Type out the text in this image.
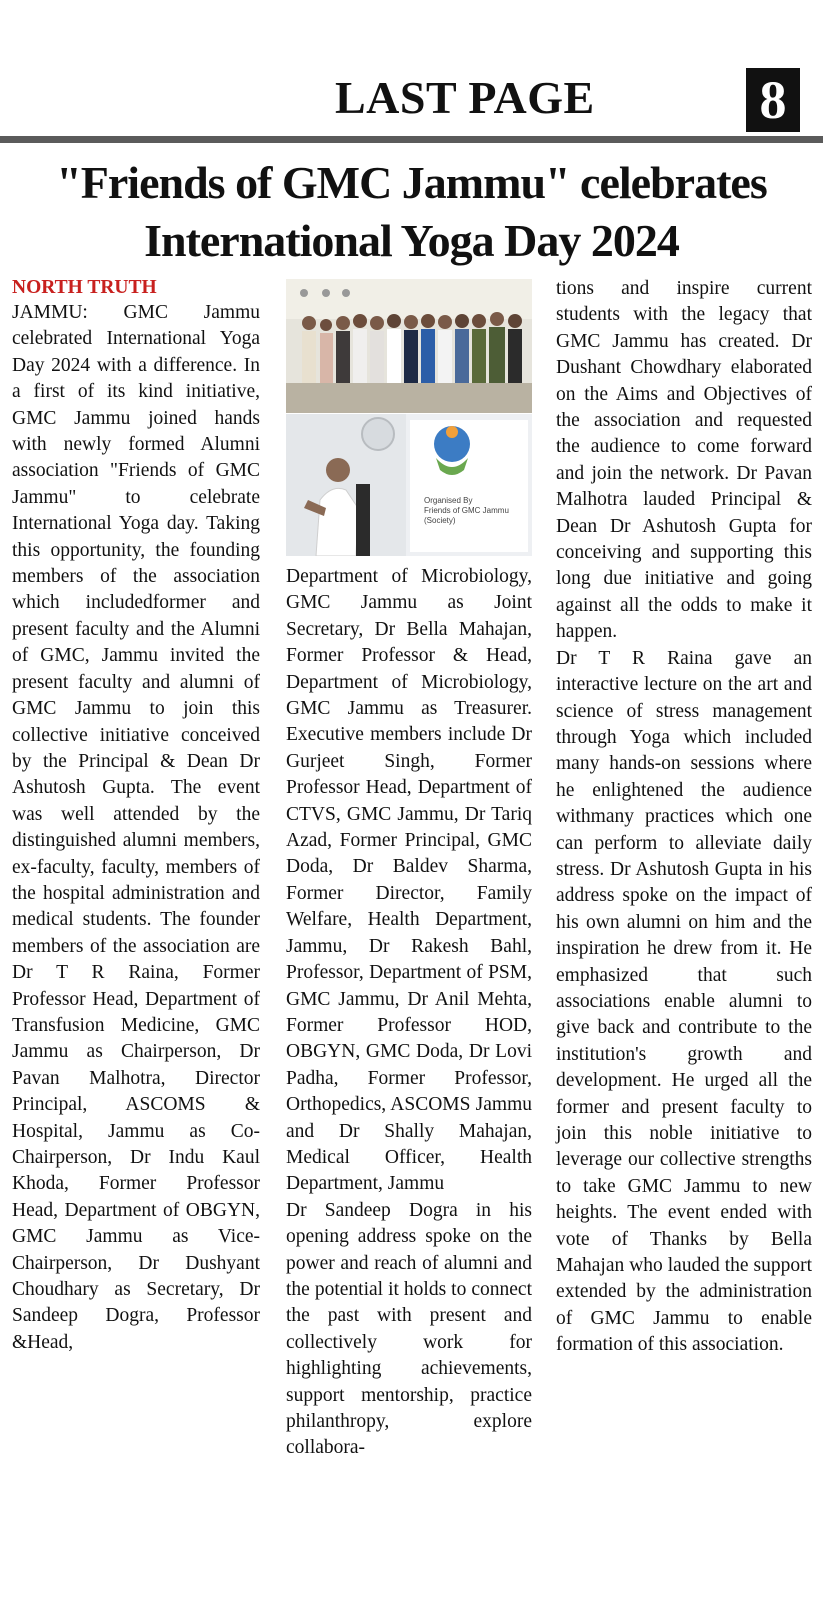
LAST PAGE	8
"Friends of GMC Jammu" celebrates
International Yoga Day 2024
NORTH TRUTH
JAMMU: GMC Jammu celebrated International Yoga Day 2024 with a difference. In a first of its kind initiative, GMC Jammu joined hands with newly formed Alumni association "Friends of GMC Jammu" to celebrate International Yoga day. Taking this opportunity, the founding members of the association which includedformer and present faculty and the Alumni of GMC, Jammu invited the present faculty and alumni of GMC Jammu to join this collective initiative conceived by the Principal & Dean Dr Ashutosh Gupta. The event was well attended by the distinguished alumni members, ex-faculty, faculty, members of the hospital administration and medical students. The founder members of the association are Dr T R Raina, Former Professor Head, Department of Transfusion Medicine, GMC Jammu as Chairperson, Dr Pavan Malhotra, Director Principal, ASCOMS & Hospital, Jammu as Co-Chairperson, Dr Indu Kaul Khoda, Former Professor Head, Department of OBGYN, GMC Jammu as Vice-Chairperson, Dr Dushyant Choudhary as Secretary, Dr Sandeep Dogra, Professor &Head,
Organised By
Friends of GMC Jammu (Society)
Department of Microbiology, GMC Jammu as Joint Secretary, Dr Bella Mahajan, Former Professor & Head, Department of Microbiology, GMC Jammu as Treasurer. Executive members include Dr Gurjeet Singh, Former Professor Head, Department of CTVS, GMC Jammu, Dr Tariq Azad, Former Principal, GMC Doda, Dr Baldev Sharma, Former Director, Family Welfare, Health Department, Jammu, Dr Rakesh Bahl, Professor, Department of PSM, GMC Jammu, Dr Anil Mehta, Former Professor HOD, OBGYN, GMC Doda, Dr Lovi Padha, Former Professor, Orthopedics, ASCOMS Jammu and Dr Shally Mahajan, Medical Officer, Health Department, Jammu
Dr Sandeep Dogra in his opening address spoke on the power and reach of alumni and the potential it holds to connect the past with present and collectively work for highlighting achievements, support mentorship, practice philanthropy, explore collabora-
tions and inspire current students with the legacy that GMC Jammu has created. Dr Dushant Chowdhary elaborated on the Aims and Objectives of the association and requested the audience to come forward and join the network. Dr Pavan Malhotra lauded Principal & Dean Dr Ashutosh Gupta for conceiving and supporting this long due initiative and going against all the odds to make it happen.
Dr T R Raina gave an interactive lecture on the art and science of stress management through Yoga which included many hands-on sessions where he enlightened the audience withmany practices which one can perform to alleviate daily stress. Dr Ashutosh Gupta in his address spoke on the impact of his own alumni on him and the inspiration he drew from it. He emphasized that such associations enable alumni to give back and contribute to the institution's growth and development. He urged all the former and present faculty to join this noble initiative to leverage our collective strengths to take GMC Jammu to new heights. The event ended with vote of Thanks by Bella Mahajan who lauded the support extended by the administration of GMC Jammu to enable formation of this association.
